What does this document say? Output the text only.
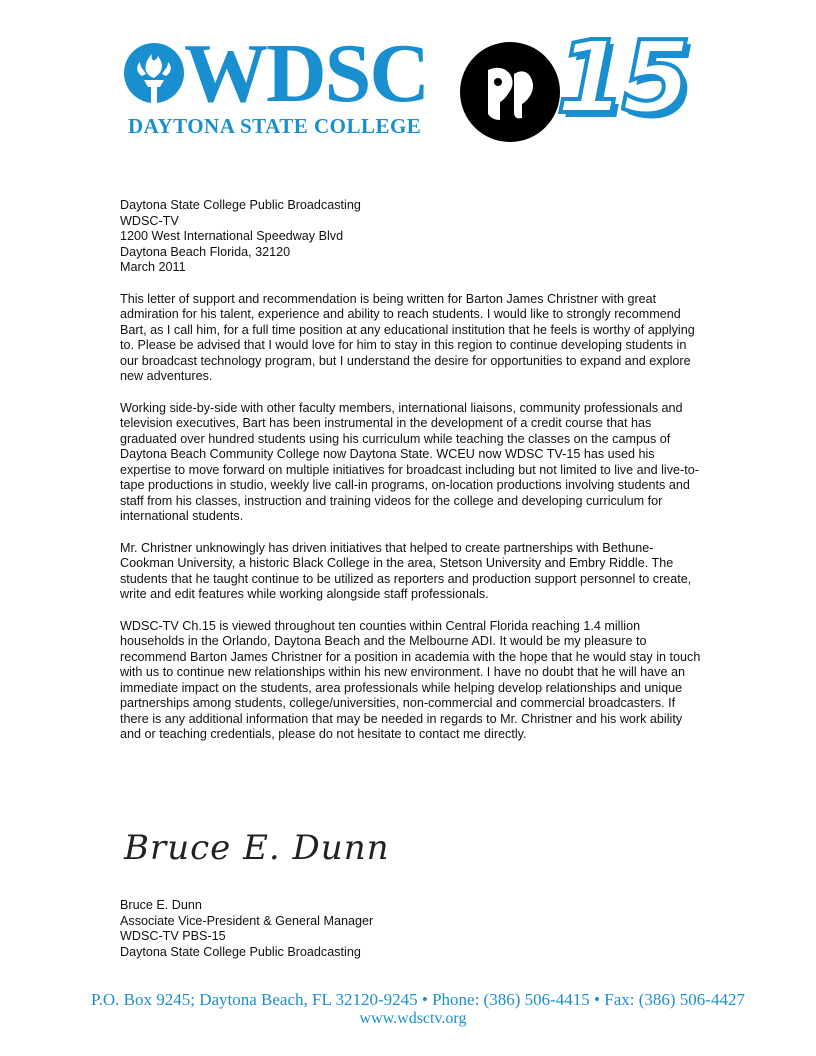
WDSC
DAYTONA STATE COLLEGE 15
Daytona State College Public Broadcasting
WDSC-TV
1200 West International Speedway Blvd
Daytona Beach Florida, 32120
March 2011
This letter of support and recommendation is being written for Barton James Christner with great admiration for his talent, experience and ability to reach students. I would like to strongly recommend Bart, as I call him, for a full time position at any educational institution that he feels is worthy of applying to. Please be advised that I would love for him to stay in this region to continue developing students in our broadcast technology program, but I understand the desire for opportunities to expand and explore new adventures.
Working side-by-side with other faculty members, international liaisons, community professionals and television executives, Bart has been instrumental in the development of a credit course that has graduated over hundred students using his curriculum while teaching the classes on the campus of Daytona Beach Community College now Daytona State. WCEU now WDSC TV-15 has used his expertise to move forward on multiple initiatives for broadcast including but not limited to live and live-to-tape productions in studio, weekly live call-in programs, on-location productions involving students and staff from his classes, instruction and training videos for the college and developing curriculum for international students.
Mr. Christner unknowingly has driven initiatives that helped to create partnerships with Bethune-Cookman University, a historic Black College in the area, Stetson University and Embry Riddle. The students that he taught continue to be utilized as reporters and production support personnel to create, write and edit features while working alongside staff professionals.
WDSC-TV Ch.15 is viewed throughout ten counties within Central Florida reaching 1.4 million households in the Orlando, Daytona Beach and the Melbourne ADI. It would be my pleasure to recommend Barton James Christner for a position in academia with the hope that he would stay in touch with us to continue new relationships within his new environment. I have no doubt that he will have an immediate impact on the students, area professionals while helping develop relationships and unique partnerships among students, college/universities, non-commercial and commercial broadcasters. If there is any additional information that may be needed in regards to Mr. Christner and his work ability and or teaching credentials, please do not hesitate to contact me directly.
Bruce E. Dunn
Bruce E. Dunn
Associate Vice-President & General Manager
WDSC-TV PBS-15
Daytona State College Public Broadcasting
P.O. Box 9245; Daytona Beach, FL 32120-9245 • Phone: (386) 506-4415 • Fax: (386) 506-4427
www.wdsctv.org
